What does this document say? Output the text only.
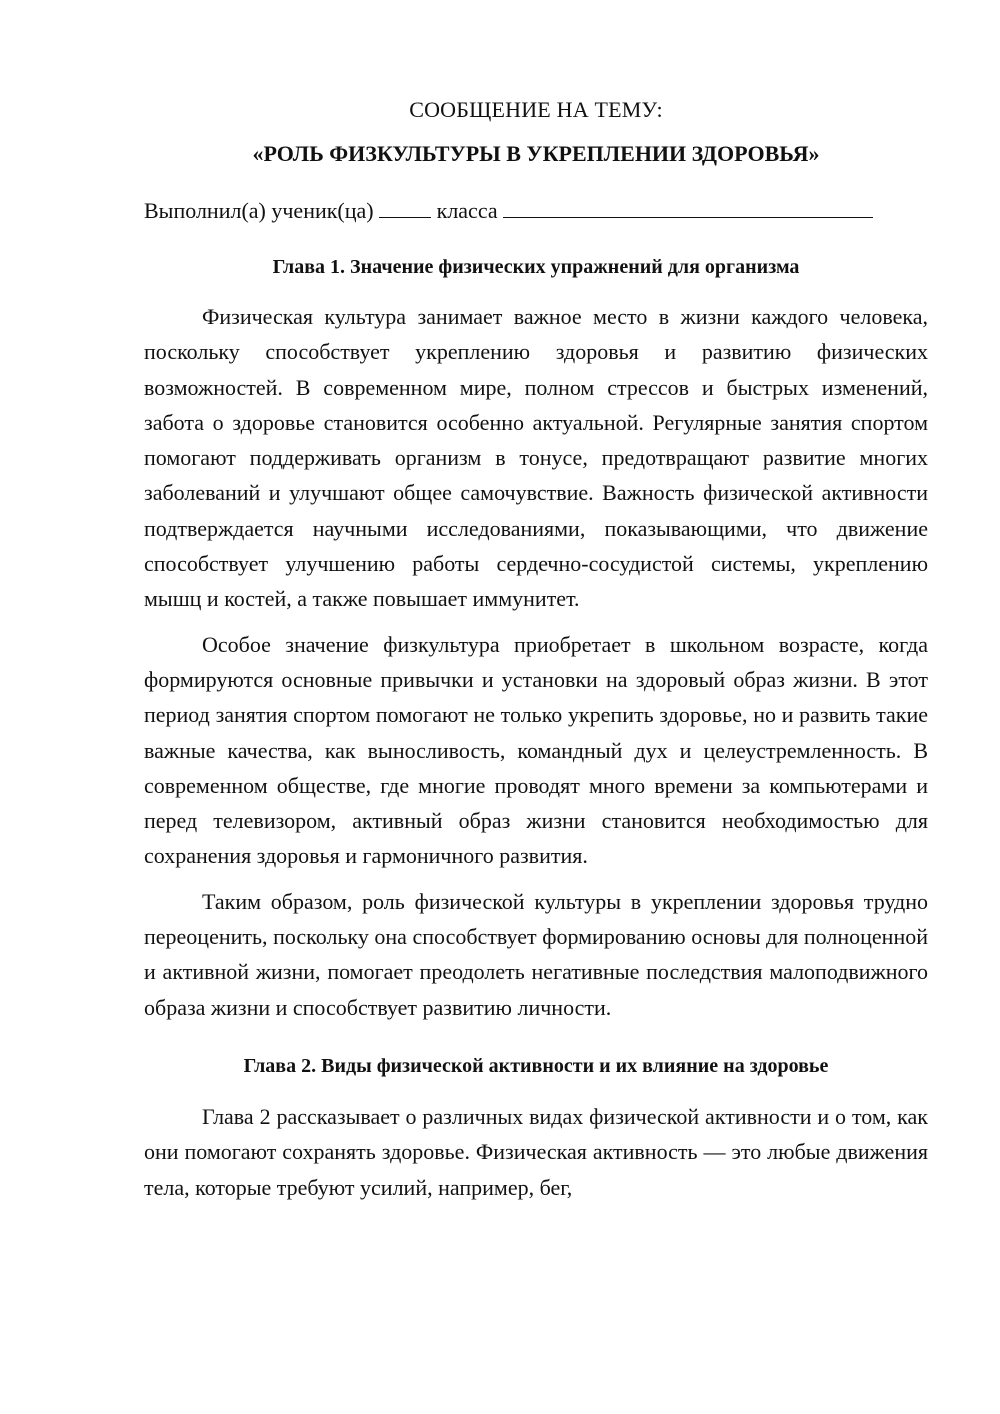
СООБЩЕНИЕ НА ТЕМУ:
«РОЛЬ ФИЗКУЛЬТУРЫ В УКРЕПЛЕНИИ ЗДОРОВЬЯ»
Выполнил(а) ученик(ца)	класса
Глава 1. Значение физических упражнений для организма

Физическая культура занимает важное место в жизни каждого человека, поскольку способствует укреплению здоровья и развитию физических возможностей. В современном мире, полном стрессов и быстрых изменений, забота о здоровье становится особенно актуальной. Регулярные занятия спортом помогают поддерживать организм в тонусе, предотвращают развитие многих заболеваний и улучшают общее самочувствие. Важность физической активности подтверждается научными исследованиями, показывающими, что движение способствует улучшению работы сердечно-сосудистой системы, укреплению мышц и костей, а также повышает иммунитет.

Особое значение физкультура приобретает в школьном возрасте, когда формируются основные привычки и установки на здоровый образ жизни. В этот период занятия спортом помогают не только укрепить здоровье, но и развить такие важные качества, как выносливость, командный дух и целеустремленность. В современном обществе, где многие проводят много времени за компьютерами и перед телевизором, активный образ жизни становится необходимостью для сохранения здоровья и гармоничного развития.

Таким образом, роль физической культуры в укреплении здоровья трудно переоценить, поскольку она способствует формированию основы для полноценной и активной жизни, помогает преодолеть негативные последствия малоподвижного образа жизни и способствует развитию личности.

Глава 2. Виды физической активности и их влияние на здоровье

Глава 2 рассказывает о различных видах физической активности и о том, как они помогают сохранять здоровье. Физическая активность — это любые движения тела, которые требуют усилий, например, бег,
